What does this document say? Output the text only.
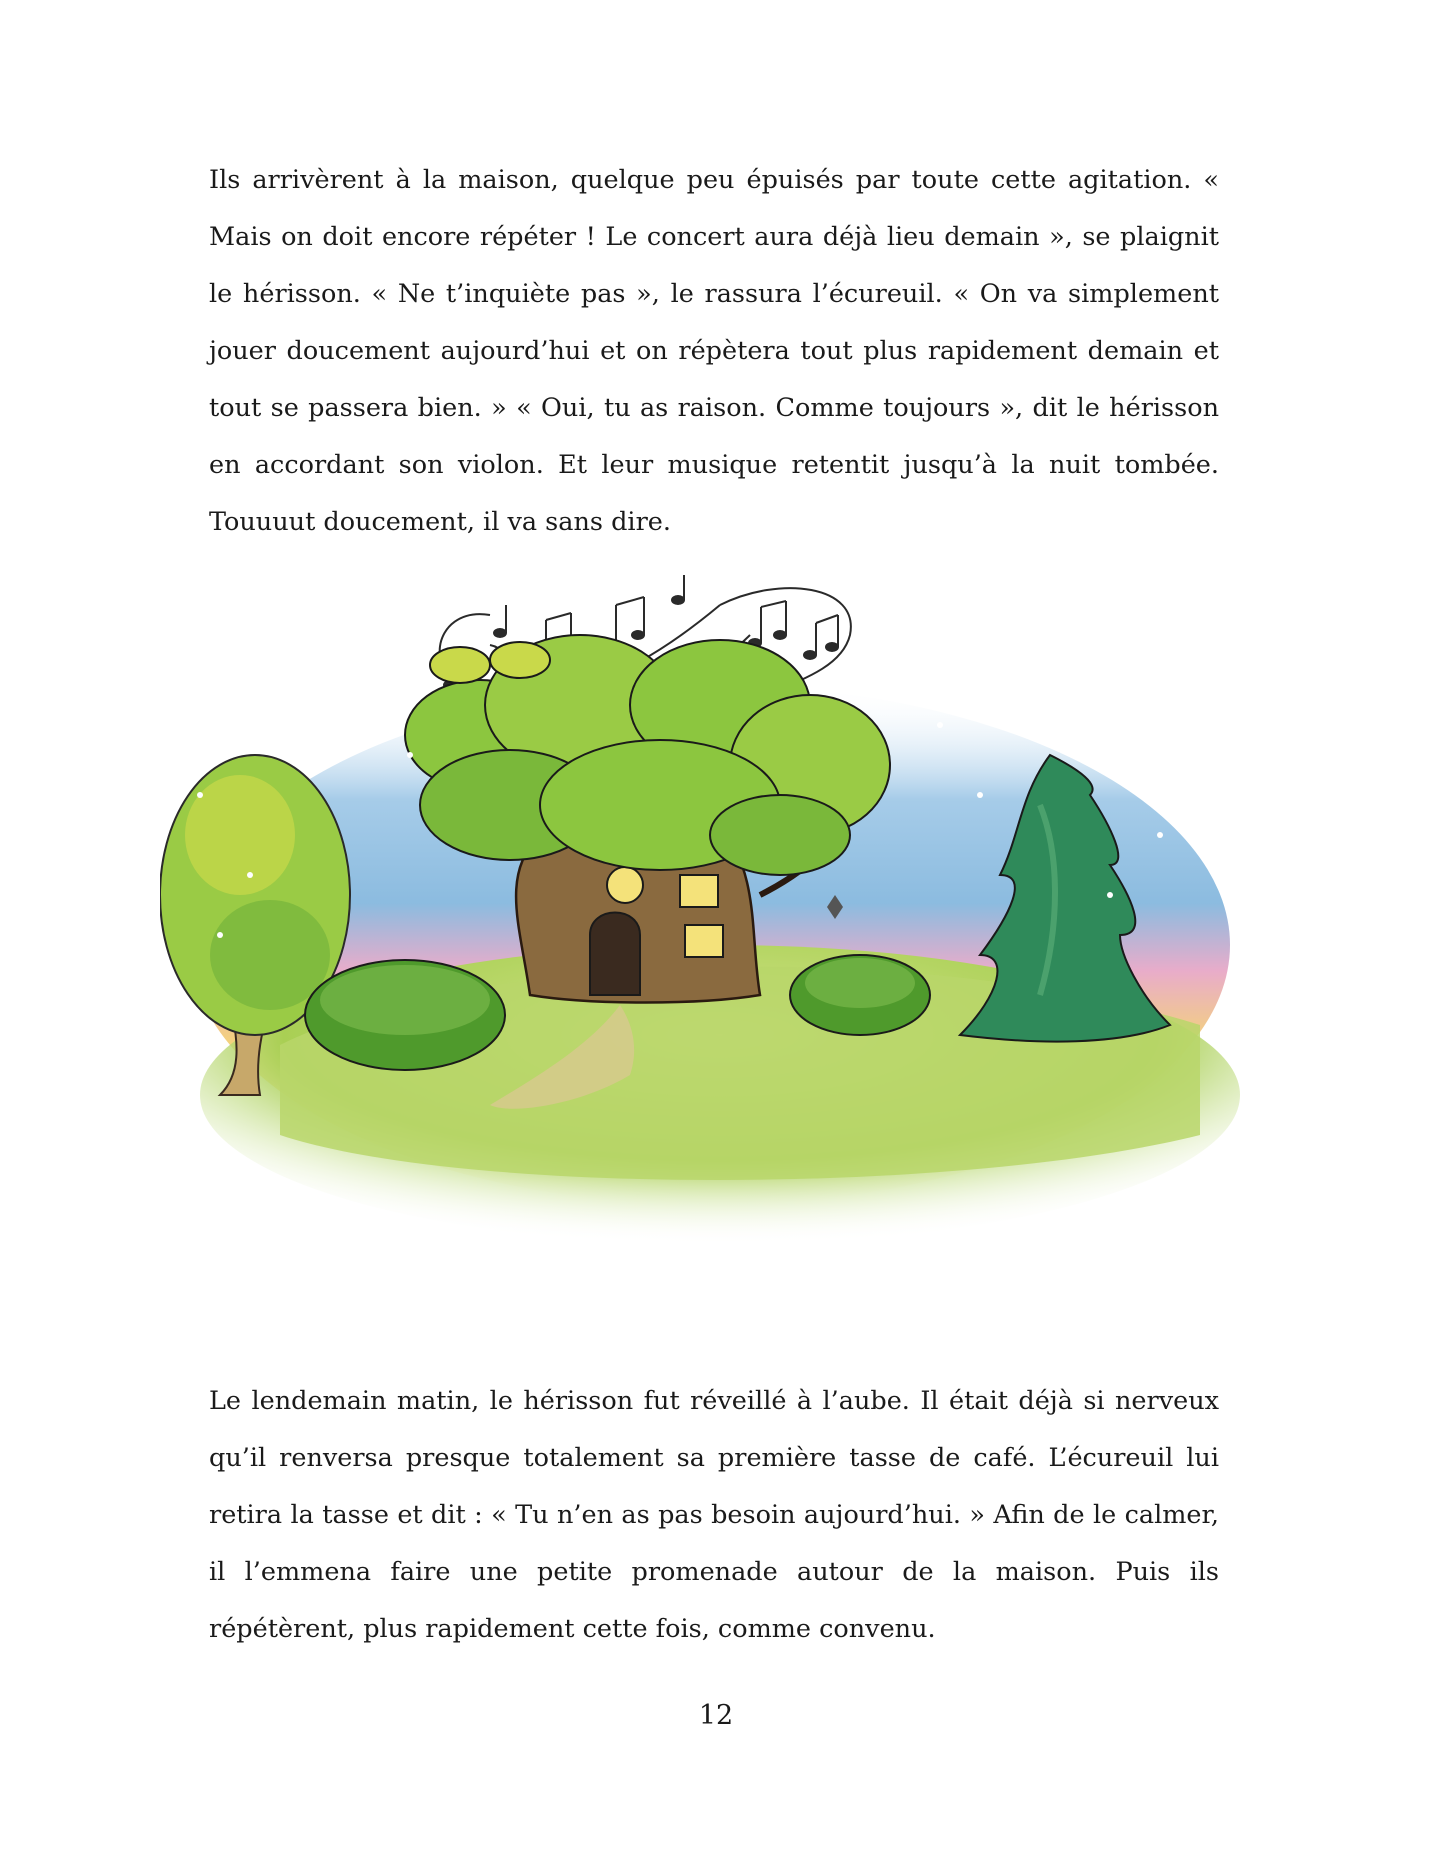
Ils arrivèrent à la maison, quelque peu épuisés par toute cette agitation. « Mais on doit encore répéter ! Le concert aura déjà lieu demain », se plaignit le hérisson. « Ne t’inquiète pas », le rassura l’écureuil. « On va simplement jouer doucement aujourd’hui et on répètera tout plus rapidement demain et tout se passera bien. » « Oui, tu as raison. Comme toujours », dit le hérisson en accordant son violon. Et leur musique retentit jusqu’à la nuit tombée. Touuuut doucement, il va sans dire.

Le lendemain matin, le hérisson fut réveillé à l’aube. Il était déjà si nerveux qu’il renversa presque totalement sa première tasse de café. L’écureuil lui retira la tasse et dit : « Tu n’en as pas besoin aujourd’hui. » Afin de le calmer, il l’emmena faire une petite promenade autour de la maison. Puis ils répétèrent, plus rapidement cette fois, comme convenu.

12
